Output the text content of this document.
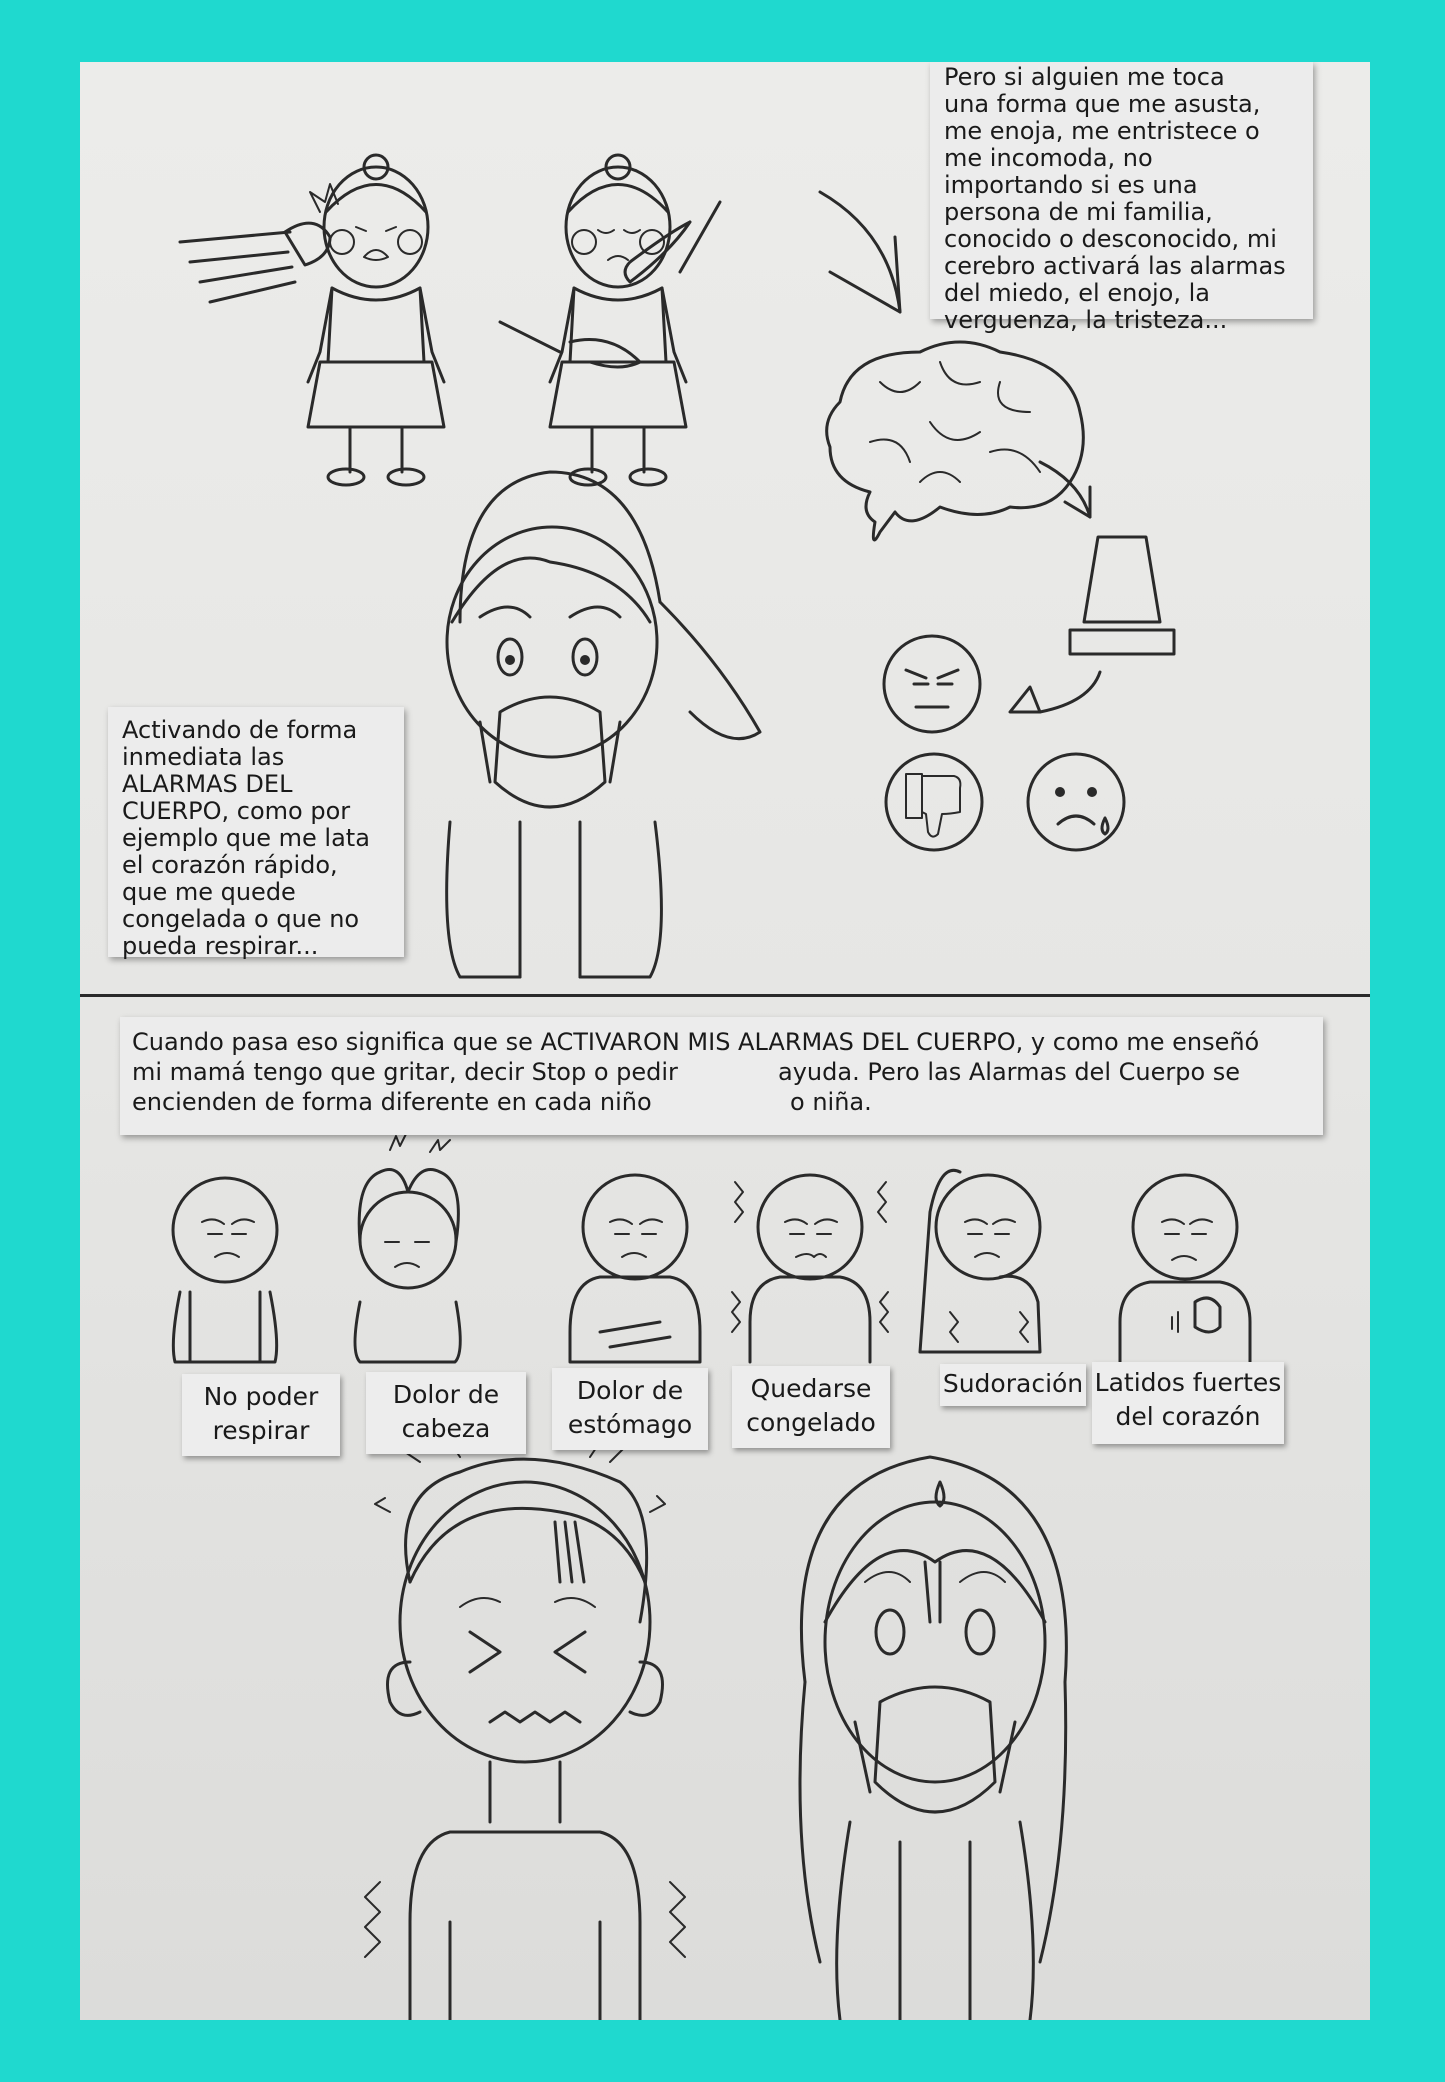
Pero si alguien me toca
una forma que me asusta,
me enoja, me entristece o
me incomoda, no
importando si es una
persona de mi familia,
conocido o desconocido, mi
cerebro activará las alarmas
del miedo, el enojo, la
verguenza, la tristeza...
Activando de forma
inmediata las
ALARMAS DEL
CUERPO, como por
ejemplo que me lata
el corazón rápido,
que me quede
congelada o que no
pueda respirar...
Cuando pasa eso significa que se ACTIVARON MIS ALARMAS DEL CUERPO, y como me enseñó
mi mamá tengo que gritar, decir Stop o pedir	ayuda. Pero las Alarmas del Cuerpo se
encienden de forma diferente en cada niño	o niña.
No poder
respirar
Dolor de
cabeza
Dolor de
estómago
Quedarse
congelado
Sudoración Latidos fuertes
del corazón
